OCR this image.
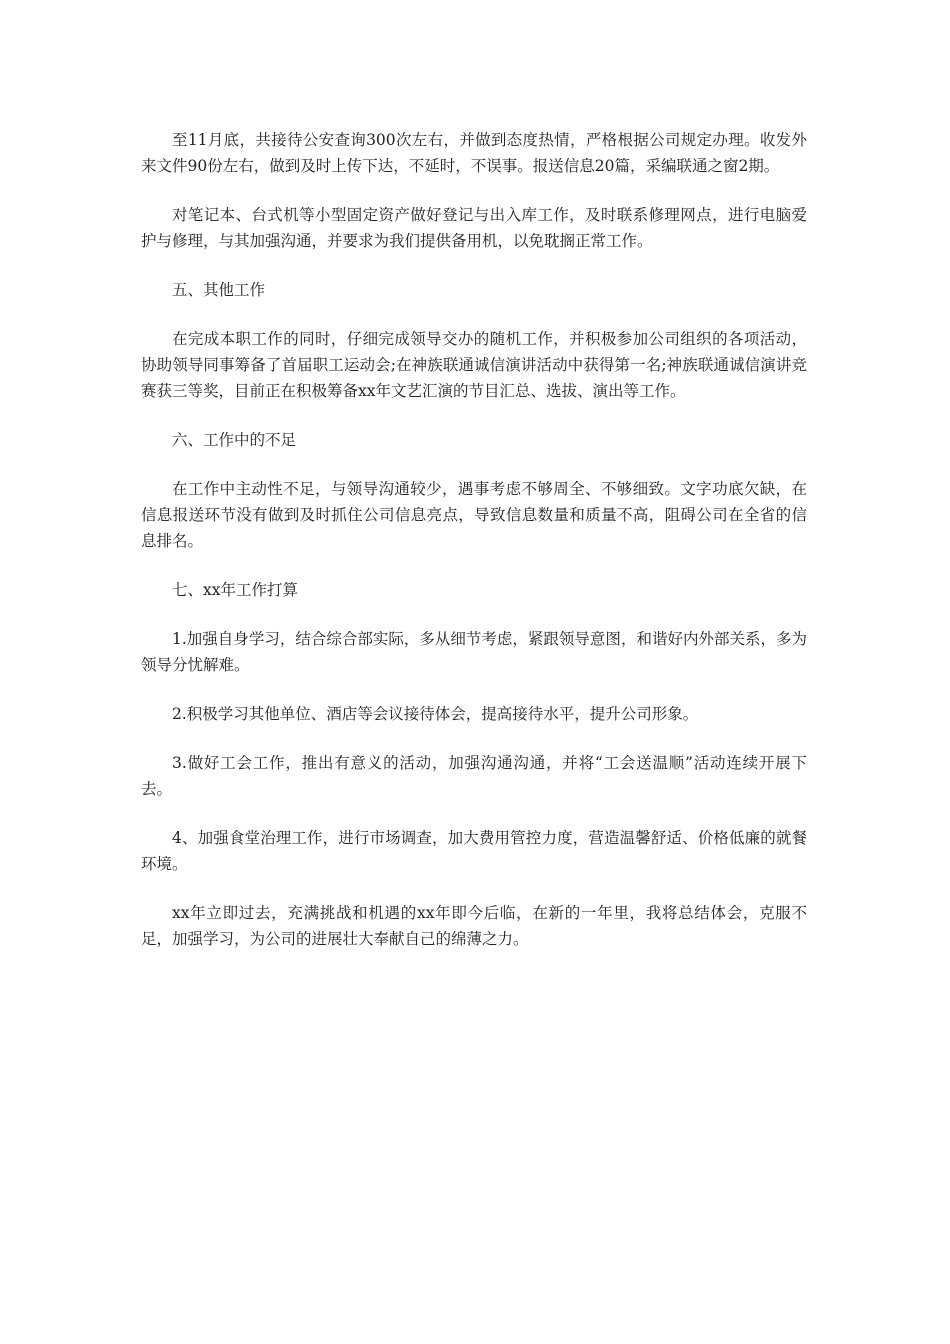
至11月底，共接待公安查询300次左右，并做到态度热情，严格根据公司规定办理。收发外来文件90份左右，做到及时上传下达，不延时，不误事。报送信息20篇，采编联通之窗2期。

对笔记本、台式机等小型固定资产做好登记与出入库工作，及时联系修理网点，进行电脑爱护与修理，与其加强沟通，并要求为我们提供备用机，以免耽搁正常工作。

五、其他工作

在完成本职工作的同时，仔细完成领导交办的随机工作，并积极参加公司组织的各项活动，协助领导同事筹备了首届职工运动会;在神族联通诚信演讲活动中获得第一名;神族联通诚信演讲竞赛获三等奖，目前正在积极筹备xx年文艺汇演的节目汇总、选拔、演出等工作。

六、工作中的不足

在工作中主动性不足，与领导沟通较少，遇事考虑不够周全、不够细致。文字功底欠缺，在信息报送环节没有做到及时抓住公司信息亮点，导致信息数量和质量不高，阻碍公司在全省的信息排名。

七、xx年工作打算

1.加强自身学习，结合综合部实际，多从细节考虑，紧跟领导意图，和谐好内外部关系，多为领导分忧解难。

2.积极学习其他单位、酒店等会议接待体会，提高接待水平，提升公司形象。

3.做好工会工作，推出有意义的活动，加强沟通沟通，并将“工会送温顺”活动连续开展下去。

4、加强食堂治理工作，进行市场调查，加大费用管控力度，营造温馨舒适、价格低廉的就餐环境。

xx年立即过去，充满挑战和机遇的xx年即今后临，在新的一年里，我将总结体会，克服不足，加强学习，为公司的进展壮大奉献自己的绵薄之力。
